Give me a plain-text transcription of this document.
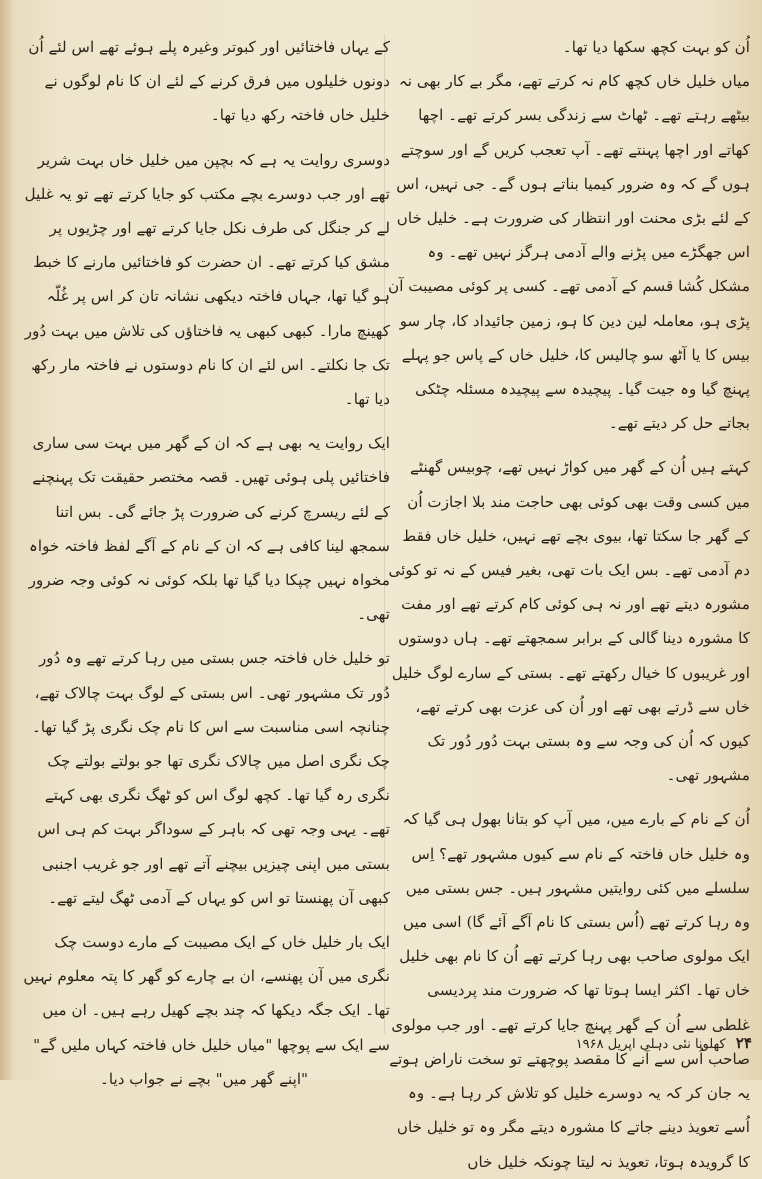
اُن کو بہت کچھ سکھا دیا تھا۔

میاں خلیل خاں کچھ کام نہ کرتے تھے، مگر بے کار بھی نہ بیٹھے رہتے تھے۔ ٹھاٹ سے زندگی بسر کرتے تھے۔ اچھا کھاتے اور اچھا پہنتے تھے۔ آپ تعجب کریں گے اور سوچتے ہوں گے کہ وہ ضرور کیمیا بناتے ہوں گے۔ جی نہیں، اس کے لئے بڑی محنت اور انتظار کی ضرورت ہے۔ خلیل خاں اس جھگڑے میں پڑنے والے آدمی ہرگز نہیں تھے۔ وہ مشکل کُشا قسم کے آدمی تھے۔ کسی پر کوئی مصیبت آن پڑی ہو، معاملہ لین دین کا ہو، زمین جائیداد کا، چار سو بیس کا یا آٹھ سو چالیس کا، خلیل خاں کے پاس جو پہلے پہنچ گیا وہ جیت گیا۔ پیچیدہ سے پیچیدہ مسئلہ چٹکی بجاتے حل کر دیتے تھے۔

کہتے ہیں اُن کے گھر میں کواڑ نہیں تھے، چوبیس گھنٹے میں کسی وقت بھی کوئی بھی حاجت مند بلا اجازت اُن کے گھر جا سکتا تھا، بیوی بچے تھے نہیں، خلیل خاں فقط دم آدمی تھے۔ بس ایک بات تھی، بغیر فیس کے نہ تو کوئی مشورہ دیتے تھے اور نہ ہی کوئی کام کرتے تھے اور مفت کا مشورہ دینا گالی کے برابر سمجھتے تھے۔ ہاں دوستوں اور غریبوں کا خیال رکھتے تھے۔ بستی کے سارے لوگ خلیل خاں سے ڈرتے بھی تھے اور اُن کی عزت بھی کرتے تھے، کیوں کہ اُن کی وجہ سے وہ بستی بہت دُور دُور تک مشہور تھی۔

اُن کے نام کے بارے میں، میں آپ کو بتانا بھول ہی گیا کہ وہ خلیل خاں فاختہ کے نام سے کیوں مشہور تھے؟ اِس سلسلے میں کئی روایتیں مشہور ہیں۔ جس بستی میں وہ رہا کرتے تھے (اُس بستی کا نام آگے آئے گا) اسی میں ایک مولوی صاحب بھی رہا کرتے تھے اُن کا نام بھی خلیل خاں تھا۔ اکثر ایسا ہوتا تھا کہ ضرورت مند پردیسی غلطی سے اُن کے گھر پہنچ جایا کرتے تھے۔ اور جب مولوی صاحب اُس سے آنے کا مقصد پوچھتے تو سخت ناراض ہوتے یہ جان کر کہ یہ دوسرے خلیل کو تلاش کر رہا ہے۔ وہ اُسے تعویذ دینے جاتے کا مشورہ دیتے مگر وہ تو خلیل خاں کا گرویدہ ہوتا، تعویذ نہ لیتا چونکہ خلیل خاں

کے یہاں فاختائیں اور کبوتر وغیرہ پلے ہوئے تھے اس لئے اُن دونوں خلیلوں میں فرق کرنے کے لئے ان کا نام لوگوں نے خلیل خاں فاختہ رکھ دیا تھا۔

دوسری روایت یہ ہے کہ بچپن میں خلیل خاں بہت شریر تھے اور جب دوسرے بچے مکتب کو جایا کرتے تھے تو یہ غلیل لے کر جنگل کی طرف نکل جایا کرتے تھے اور چڑیوں پر مشق کیا کرتے تھے۔ ان حضرت کو فاختائیں مارنے کا خبط ہو گیا تھا، جہاں فاختہ دیکھی نشانہ تان کر اس پر غُلّہ کھینچ مارا۔ کبھی کبھی یہ فاختاؤں کی تلاش میں بہت دُور تک جا نکلتے۔ اس لئے ان کا نام دوستوں نے فاختہ مار رکھ دیا تھا۔

ایک روایت یہ بھی ہے کہ ان کے گھر میں بہت سی ساری فاختائیں پلی ہوئی تھیں۔ قصہ مختصر حقیقت تک پہنچنے کے لئے ریسرچ کرنے کی ضرورت پڑ جائے گی۔ بس اتنا سمجھ لینا کافی ہے کہ ان کے نام کے آگے لفظ فاختہ خواہ مخواہ نہیں چپکا دیا گیا تھا بلکہ کوئی نہ کوئی وجہ ضرور تھی۔

تو خلیل خاں فاختہ جس بستی میں رہا کرتے تھے وہ دُور دُور تک مشہور تھی۔ اس بستی کے لوگ بہت چالاک تھے، چنانچہ اسی مناسبت سے اس کا نام چک نگری پڑ گیا تھا۔ چک نگری اصل میں چالاک نگری تھا جو بولتے بولتے چک نگری رہ گیا تھا۔ کچھ لوگ اس کو ٹھگ نگری بھی کہتے تھے۔ یہی وجہ تھی کہ باہر کے سوداگر بہت کم ہی اس بستی میں اپنی چیزیں بیچنے آتے تھے اور جو غریب اجنبی کبھی آن پھنستا تو اس کو یہاں کے آدمی ٹھگ لیتے تھے۔

ایک بار خلیل خاں کے ایک مصیبت کے مارے دوست چک نگری میں آن پھنسے، ان بے چارے کو گھر کا پتہ معلوم نہیں تھا۔ ایک جگہ دیکھا کہ چند بچے کھیل رہے ہیں۔ ان میں سے ایک سے پوچھا "میاں خلیل خاں فاختہ کہاں ملیں گے"

"اپنے گھر میں" بچے نے جواب دیا۔

۲۴ کھلونا نئی دہلی اپریل ۱۹۶۸
